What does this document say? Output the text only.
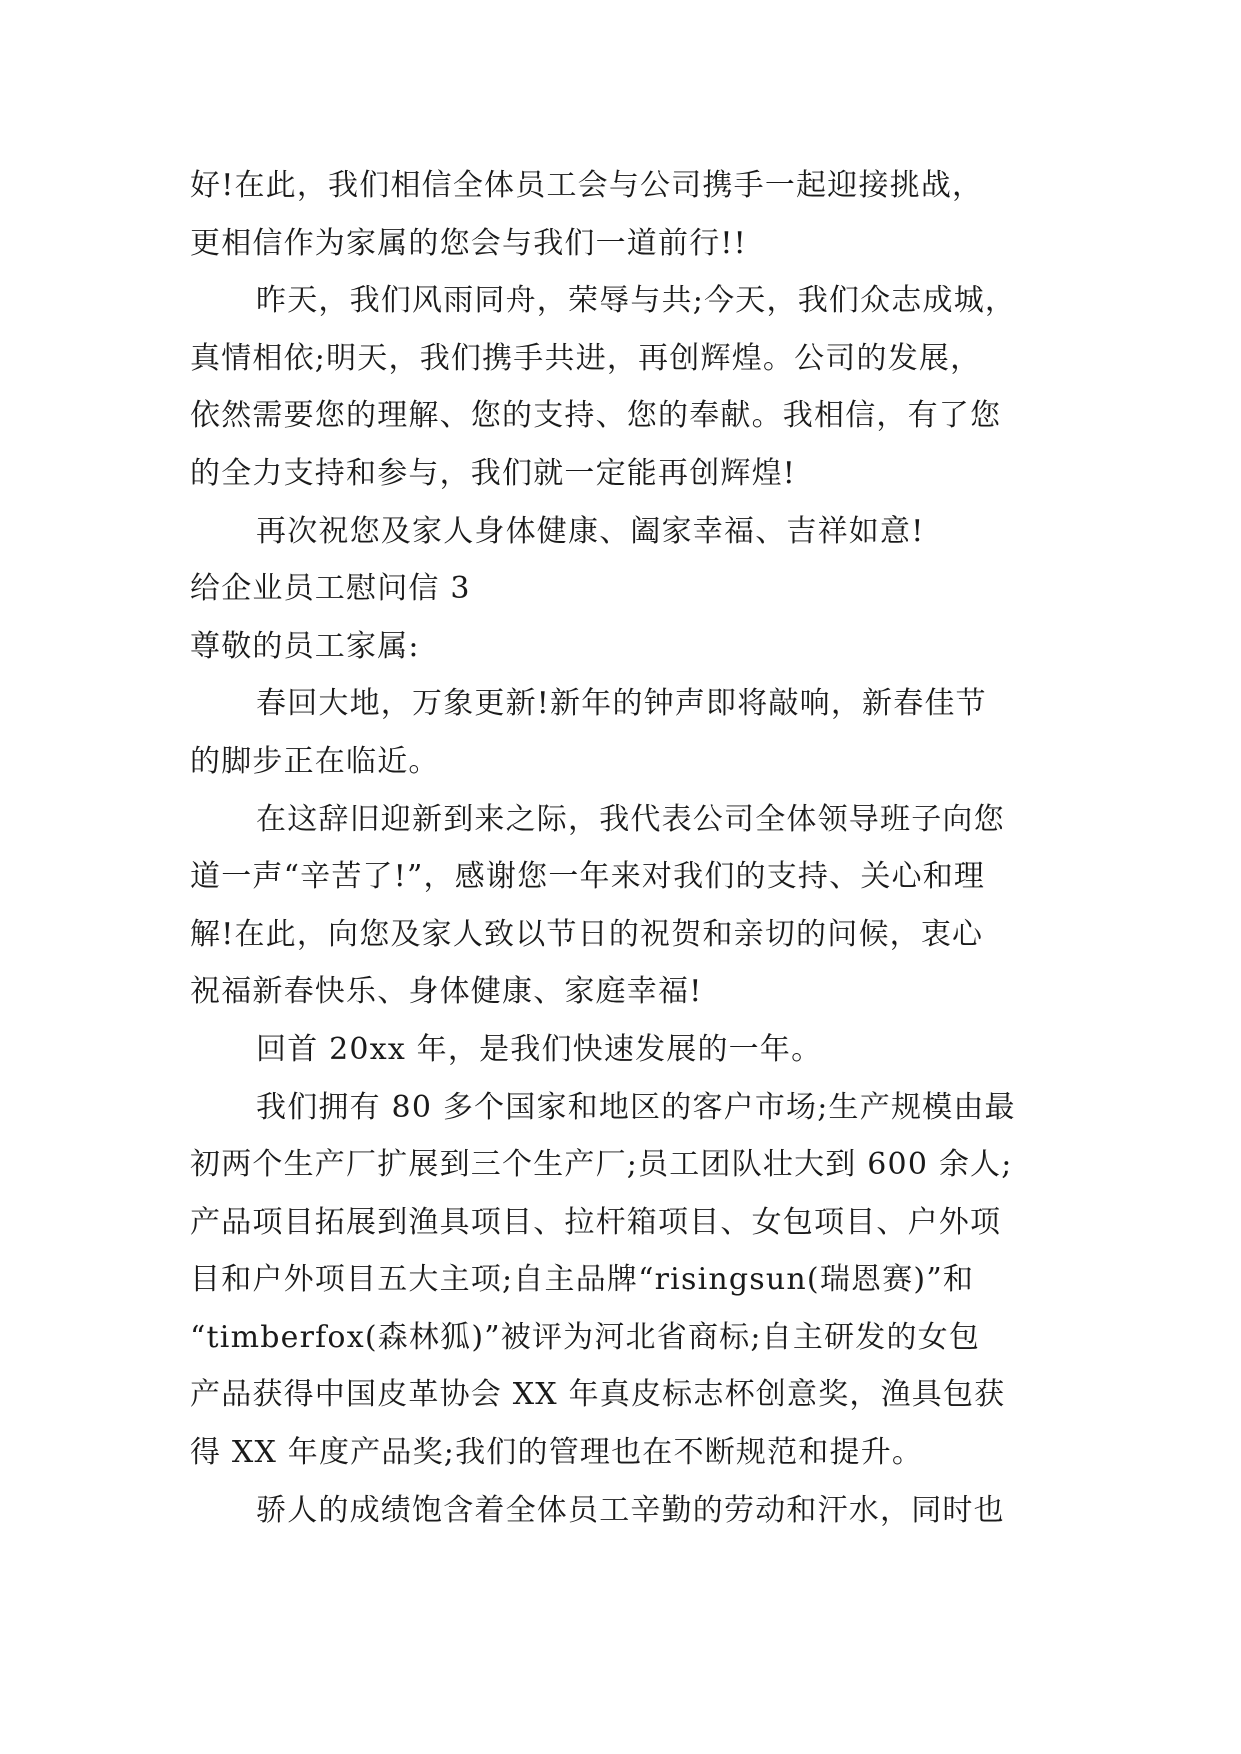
好!在此，我们相信全体员工会与公司携手一起迎接挑战，
更相信作为家属的您会与我们一道前行!!
昨天，我们风雨同舟，荣辱与共;今天，我们众志成城，
真情相依;明天，我们携手共进，再创辉煌。公司的发展，
依然需要您的理解、您的支持、您的奉献。我相信，有了您
的全力支持和参与，我们就一定能再创辉煌!
再次祝您及家人身体健康、阖家幸福、吉祥如意!
给企业员工慰问信 3
尊敬的员工家属:
春回大地，万象更新!新年的钟声即将敲响，新春佳节
的脚步正在临近。
在这辞旧迎新到来之际，我代表公司全体领导班子向您
道一声“辛苦了!”，感谢您一年来对我们的支持、关心和理
解!在此，向您及家人致以节日的祝贺和亲切的问候，衷心
祝福新春快乐、身体健康、家庭幸福!
回首 20xx 年，是我们快速发展的一年。
我们拥有 80 多个国家和地区的客户市场;生产规模由最
初两个生产厂扩展到三个生产厂;员工团队壮大到 600 余人;
产品项目拓展到渔具项目、拉杆箱项目、女包项目、户外项
目和户外项目五大主项;自主品牌“risingsun(瑞恩赛)”和
“timberfox(森林狐)”被评为河北省商标;自主研发的女包
产品获得中国皮革协会 XX 年真皮标志杯创意奖，渔具包获
得 XX 年度产品奖;我们的管理也在不断规范和提升。
骄人的成绩饱含着全体员工辛勤的劳动和汗水，同时也
